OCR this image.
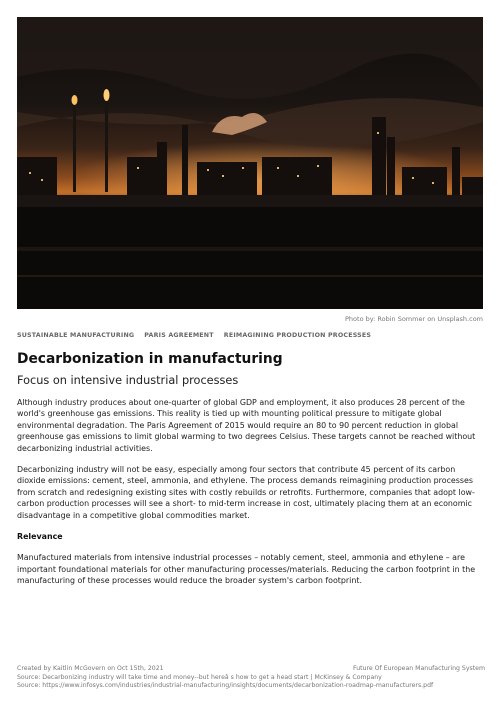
Photo by: Robin Sommer on Unsplash.com
SUSTAINABLE MANUFACTURING PARIS AGREEMENT REIMAGINING PRODUCTION PROCESSES
Decarbonization in manufacturing
Focus on intensive industrial processes

Although industry produces about one-quarter of global GDP and employment, it also produces 28 percent of the world's greenhouse gas emissions. This reality is tied up with mounting political pressure to mitigate global environmental degradation. The Paris Agreement of 2015 would require an 80 to 90 percent reduction in global greenhouse gas emissions to limit global warming to two degrees Celsius. These targets cannot be reached without decarbonizing industrial activities.

Decarbonizing industry will not be easy, especially among four sectors that contribute 45 percent of its carbon dioxide emissions: cement, steel, ammonia, and ethylene. The process demands reimagining production processes from scratch and redesigning existing sites with costly rebuilds or retrofits. Furthermore, companies that adopt low-carbon production processes will see a short- to mid-term increase in cost, ultimately placing them at an economic disadvantage in a competitive global commodities market.

Relevance

Manufactured materials from intensive industrial processes – notably cement, steel, ammonia and ethylene – are important foundational materials for other manufacturing processes/materials. Reducing the carbon footprint in the manufacturing of these processes would reduce the broader system's carbon footprint.

Created by Kaitlin McGovern on Oct 15th, 2021	Future Of European Manufacturing System
Source: Decarbonizing industry will take time and money--but hereâ s how to get a head start | McKinsey & Company
Source: https://www.infosys.com/industries/industrial-manufacturing/insights/documents/decarbonization-roadmap-manufacturers.pdf
